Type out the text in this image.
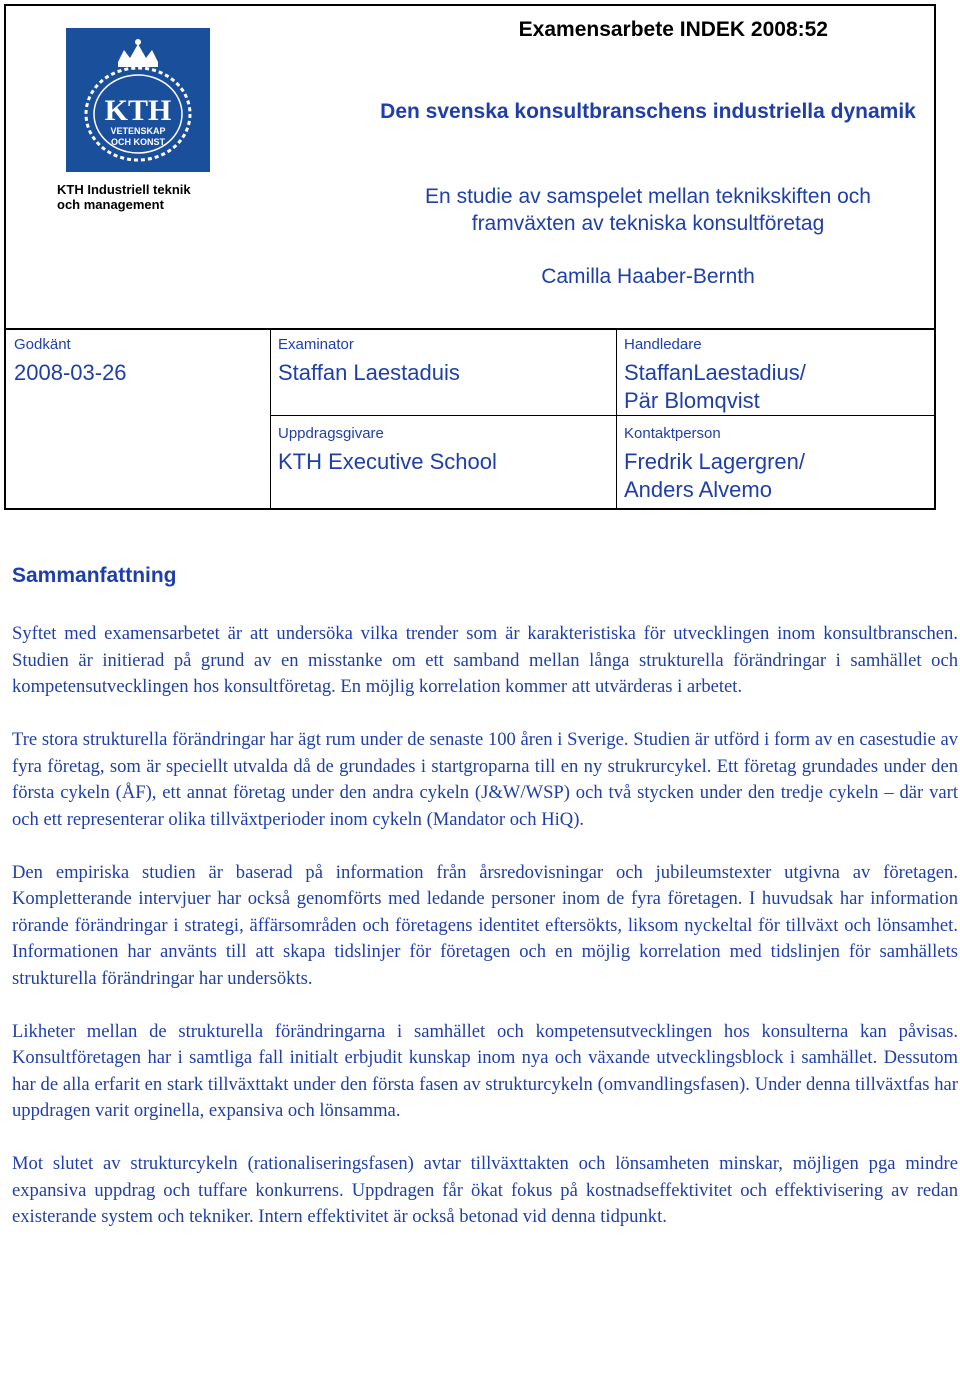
KTH
VETENSKAP
OCH KONST
KTH Industriell teknik
och management
Examensarbete INDEK 2008:52
Den svenska konsultbranschens industriella dynamik
En studie av samspelet mellan teknikskiften och framväxten av tekniska konsultföretag
Camilla Haaber-Bernth
Godkänt
2008-03-26
Examinator
Staffan Laestaduis
Uppdragsgivare
KTH Executive School
Handledare
StaffanLaestadius/
Pär Blomqvist
Kontaktperson
Fredrik Lagergren/
Anders Alvemo
Sammanfattning

Syftet med examensarbetet är att undersöka vilka trender som är karakteristiska för utvecklingen inom konsultbranschen. Studien är initierad på grund av en misstanke om ett samband mellan långa strukturella förändringar i samhället och kompetensutvecklingen hos konsultföretag. En möjlig korrelation kommer att utvärderas i arbetet.

Tre stora strukturella förändringar har ägt rum under de senaste 100 åren i Sverige. Studien är utförd i form av en casestudie av fyra företag, som är speciellt utvalda då de grundades i startgroparna till en ny strukrurcykel. Ett företag grundades under den första cykeln (ÅF), ett annat företag under den andra cykeln (J&W/WSP) och två stycken under den tredje cykeln – där vart och ett representerar olika tillväxtperioder inom cykeln (Mandator och HiQ).

Den empiriska studien är baserad på information från årsredovisningar och jubileumstexter utgivna av företagen. Kompletterande intervjuer har också genomförts med ledande personer inom de fyra företagen. I huvudsak har information rörande förändringar i strategi, äffärsområden och företagens identitet eftersökts, liksom nyckeltal för tillväxt och lönsamhet. Informationen har använts till att skapa tidslinjer för företagen och en möjlig korrelation med tidslinjen för samhällets strukturella förändringar har undersökts.

Likheter mellan de strukturella förändringarna i samhället och kompetensutvecklingen hos konsulterna kan påvisas. Konsultföretagen har i samtliga fall initialt erbjudit kunskap inom nya och växande utvecklingsblock i samhället. Dessutom har de alla erfarit en stark tillväxttakt under den första fasen av strukturcykeln (omvandlingsfasen). Under denna tillväxtfas har uppdragen varit orginella, expansiva och lönsamma.

Mot slutet av strukturcykeln (rationaliseringsfasen) avtar tillväxttakten och lönsamheten minskar, möjligen pga mindre expansiva uppdrag och tuffare konkurrens. Uppdragen får ökat fokus på kostnadseffektivitet och effektivisering av redan existerande system och tekniker. Intern effektivitet är också betonad vid denna tidpunkt.
